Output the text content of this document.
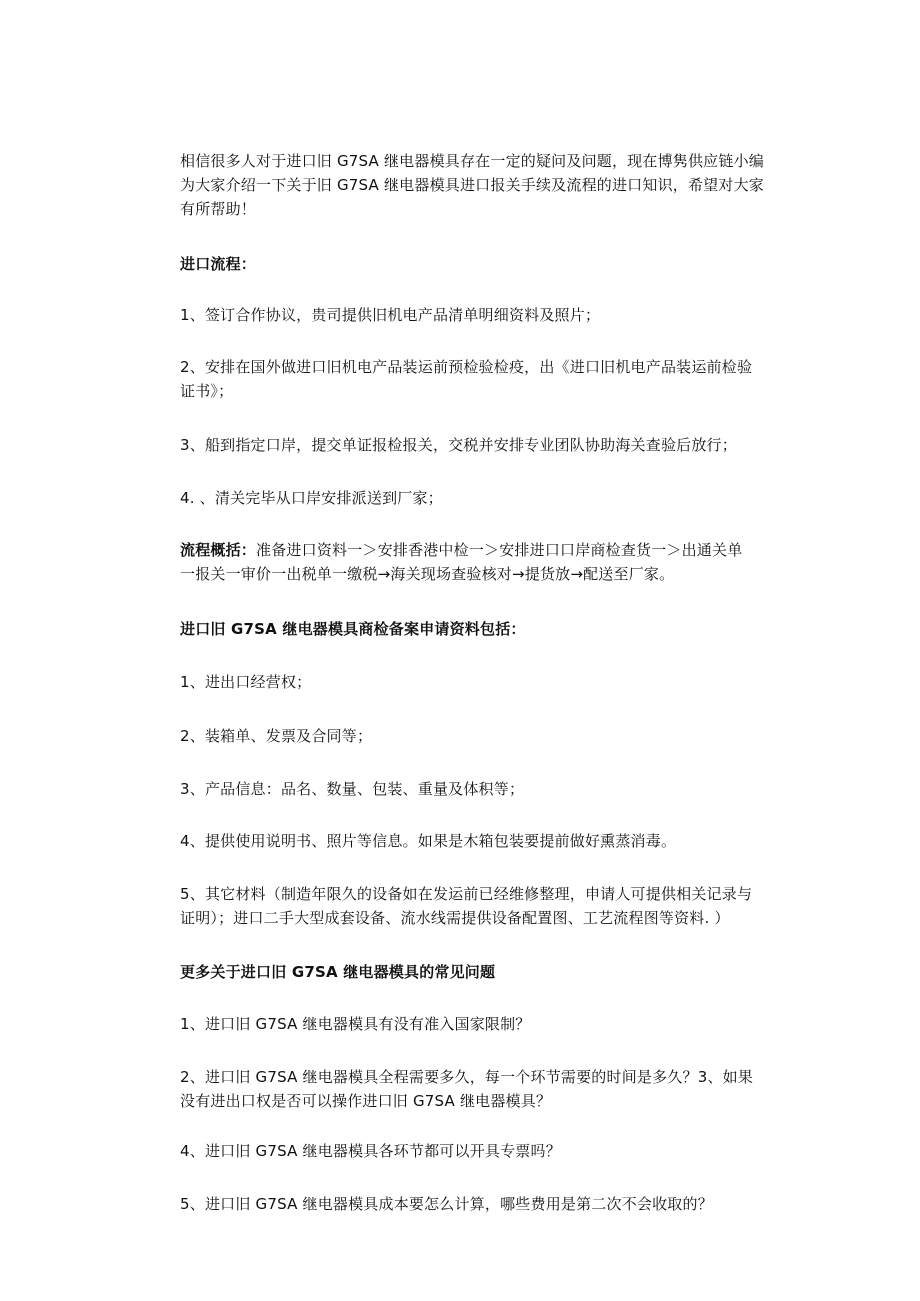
相信很多人对于进口旧 G7SA 继电器模具存在一定的疑问及问题，现在博隽供应链小编
为大家介绍一下关于旧 G7SA 继电器模具进口报关手续及流程的进口知识，希望对大家
有所帮助！

进口流程：

1、签订合作协议，贵司提供旧机电产品清单明细资料及照片；

2、安排在国外做进口旧机电产品装运前预检验检疫，出《进口旧机电产品装运前检验
证书》；

3、船到指定口岸，提交单证报检报关，交税并安排专业团队协助海关查验后放行；

4. 、清关完毕从口岸安排派送到厂家；

流程概括：准备进口资料一＞安排香港中检一＞安排进口口岸商检查货一＞出通关单
一报关一审价一出税单一缴税→海关现场查验核对→提货放→配送至厂家。

进口旧 G7SA 继电器模具商检备案申请资料包括：

1、进出口经营权；

2、装箱单、发票及合同等；

3、产品信息：品名、数量、包装、重量及体积等；

4、提供使用说明书、照片等信息。如果是木箱包装要提前做好熏蒸消毒。

5、其它材料（制造年限久的设备如在发运前已经维修整理，申请人可提供相关记录与
证明）；进口二手大型成套设备、流水线需提供设备配置图、工艺流程图等资料. ）

更多关于进口旧 G7SA 继电器模具的常见问题

1、进口旧 G7SA 继电器模具有没有准入国家限制？

2、进口旧 G7SA 继电器模具全程需要多久，每一个环节需要的时间是多久？3、如果
没有进出口权是否可以操作进口旧 G7SA 继电器模具？

4、进口旧 G7SA 继电器模具各环节都可以开具专票吗？

5、进口旧 G7SA 继电器模具成本要怎么计算，哪些费用是第二次不会收取的？
